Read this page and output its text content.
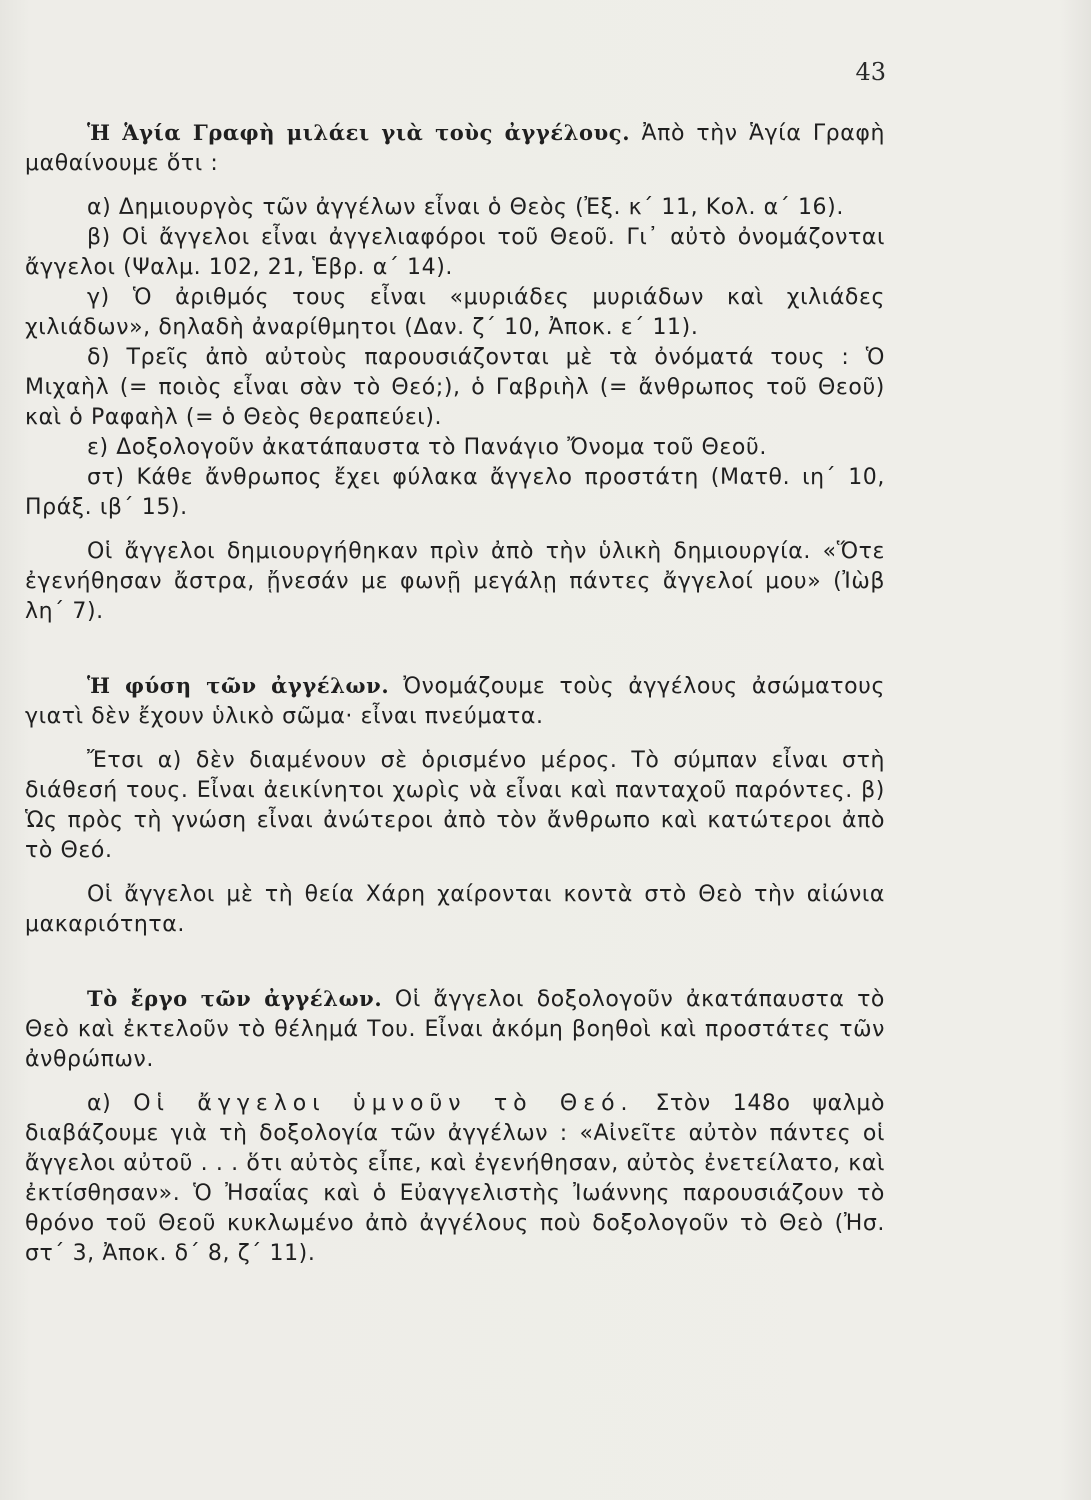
43

Ἡ Ἁγία Γραφὴ μιλάει γιὰ τοὺς ἀγγέλους. Ἀπὸ τὴν Ἁγία Γραφὴ μαθαίνουμε ὅτι :

α) Δημιουργὸς τῶν ἀγγέλων εἶναι ὁ Θεὸς (Ἐξ. κ΄ 11, Κολ. α΄ 16).

β) Οἱ ἄγγελοι εἶναι ἀγγελιαφόροι τοῦ Θεοῦ. Γι᾽ αὐτὸ ὀνομάζονται ἄγγελοι (Ψαλμ. 102, 21, Ἑβρ. α΄ 14).

γ) Ὁ ἀριθμός τους εἶναι «μυριάδες μυριάδων καὶ χιλιάδες χιλιάδων», δηλαδὴ ἀναρίθμητοι (Δαν. ζ΄ 10, Ἀποκ. ε΄ 11).

δ) Τρεῖς ἀπὸ αὐτοὺς παρουσιάζονται μὲ τὰ ὀνόματά τους : Ὁ Μιχαὴλ (= ποιὸς εἶναι σὰν τὸ Θεό;), ὁ Γαβριὴλ (= ἄνθρωπος τοῦ Θεοῦ) καὶ ὁ Ραφαὴλ (= ὁ Θεὸς θεραπεύει).

ε) Δοξολογοῦν ἀκατάπαυστα τὸ Πανάγιο Ὄνομα τοῦ Θεοῦ.

στ) Κάθε ἄνθρωπος ἔχει φύλακα ἄγγελο προστάτη (Ματθ. ιη΄ 10, Πράξ. ιβ΄ 15).

Οἱ ἄγγελοι δημιουργήθηκαν πρὶν ἀπὸ τὴν ὑλικὴ δημιουργία. «Ὅτε ἐγενήθησαν ἄστρα, ᾔνεσάν με φωνῇ μεγάλῃ πάντες ἄγγελοί μου» (Ἰὼβ λη΄ 7).

Ἡ φύση τῶν ἀγγέλων. Ὀνομάζουμε τοὺς ἀγγέλους ἀσώματους γιατὶ δὲν ἔχουν ὑλικὸ σῶμα· εἶναι πνεύματα.

Ἔτσι α) δὲν διαμένουν σὲ ὁρισμένο μέρος. Τὸ σύμπαν εἶναι στὴ διάθεσή τους. Εἶναι ἀεικίνητοι χωρὶς νὰ εἶναι καὶ πανταχοῦ παρόντες. β) Ὡς πρὸς τὴ γνώση εἶναι ἀνώτεροι ἀπὸ τὸν ἄνθρωπο καὶ κατώτεροι ἀπὸ τὸ Θεό.

Οἱ ἄγγελοι μὲ τὴ θεία Χάρη χαίρονται κοντὰ στὸ Θεὸ τὴν αἰώνια μακαριότητα.

Τὸ ἔργο τῶν ἀγγέλων. Οἱ ἄγγελοι δοξολογοῦν ἀκατάπαυστα τὸ Θεὸ καὶ ἐκτελοῦν τὸ θέλημά Του. Εἶναι ἀκόμη βοηθοὶ καὶ προστάτες τῶν ἀνθρώπων.

α) Οἱ ἄγγελοι ὑμνοῦν τὸ Θεό. Στὸν 148ο ψαλμὸ διαβάζουμε γιὰ τὴ δοξολογία τῶν ἀγγέλων : «Αἰνεῖτε αὐτὸν πάντες οἱ ἄγγελοι αὐτοῦ . . . ὅτι αὐτὸς εἶπε, καὶ ἐγενήθησαν, αὐτὸς ἐνετείλατο, καὶ ἐκτίσθησαν». Ὁ Ἠσαΐας καὶ ὁ Εὐαγγελιστὴς Ἰωάννης παρουσιάζουν τὸ θρόνο τοῦ Θεοῦ κυκλωμένο ἀπὸ ἀγγέλους ποὺ δοξολογοῦν τὸ Θεὸ (Ἠσ. στ΄ 3, Ἀποκ. δ΄ 8, ζ΄ 11).
